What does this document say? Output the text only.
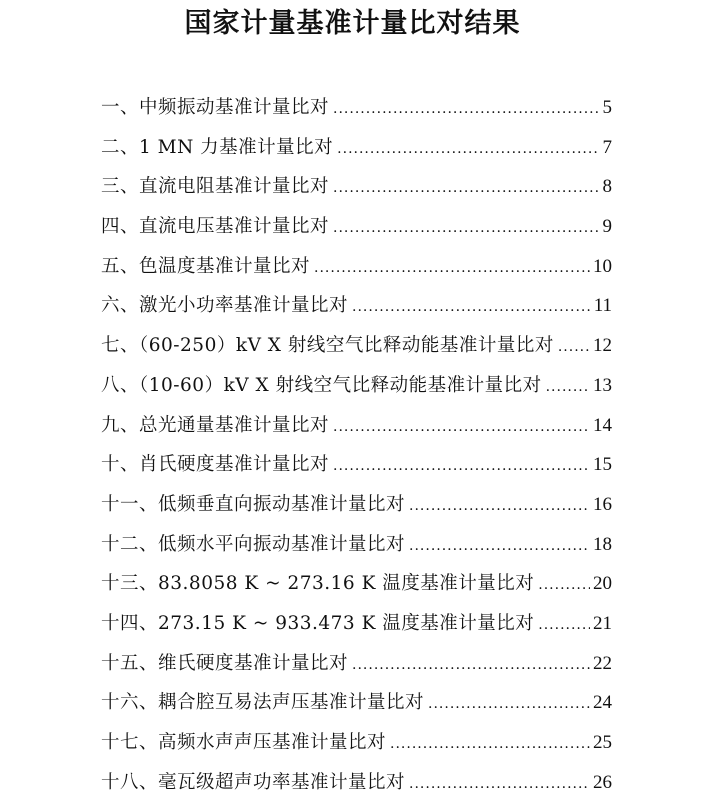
国家计量基准计量比对结果
一、中频振动基准计量比对 .....	5
二、1 MN 力基准计量比对 .....	7
三、直流电阻基准计量比对 .....	8
四、直流电压基准计量比对 .....	9
五、色温度基准计量比对 .....	10
六、激光小功率基准计量比对 .....	11
七、（60-250）kV X 射线空气比释动能基准计量比对 ..... 12
八、（10-60）kV X 射线空气比释动能基准计量比对 .....	13
九、总光通量基准计量比对 .....	14
十、肖氏硬度基准计量比对 .....	15
十一、低频垂直向振动基准计量比对 .....	16
十二、低频水平向振动基准计量比对 .....	18
十三、83.8058 K ~ 273.16 K 温度基准计量比对 .....	20
十四、273.15 K ~ 933.473 K 温度基准计量比对 .....	21
十五、维氏硬度基准计量比对 .....	22
十六、耦合腔互易法声压基准计量比对 .....	24
十七、高频水声声压基准计量比对 .....	25
十八、毫瓦级超声功率基准计量比对 .....	26
